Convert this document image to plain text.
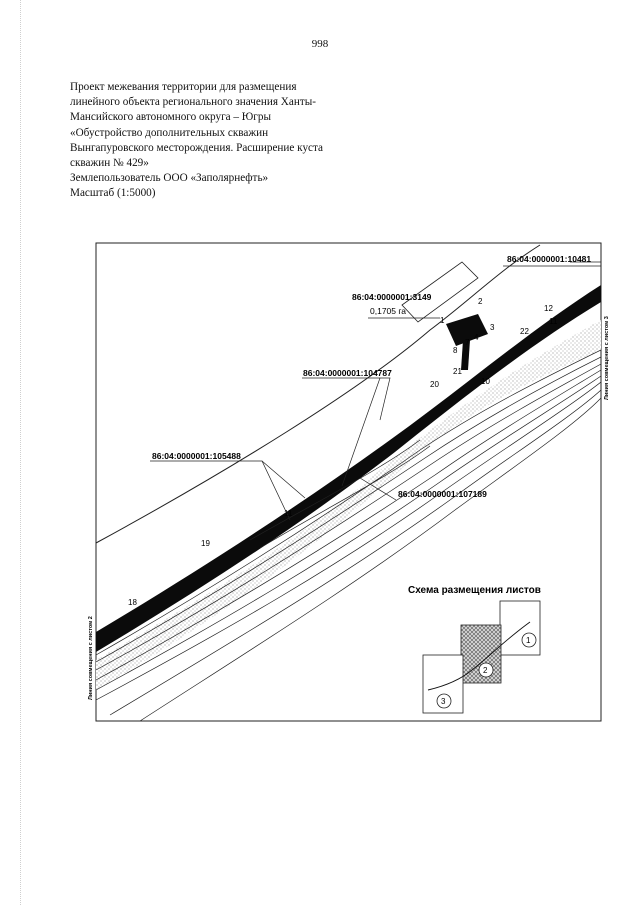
998
Проект межевания территории для размещения
линейного объекта регионального значения Ханты-
Мансийского автономного округа – Югры
«Обустройство дополнительных скважин
Вынгапуровского месторождения. Расширение куста
скважин № 429»
Землепользователь ООО «Заполярнефть»
Масштаб (1:5000)
86:04:0000001:10481
86:04:0000001:3149
0,1705 га
86:04:0000001:104787
86:04:0000001:105488
86:04:0000001:107189
1
2
3
4
7
8
10
11
12
11
18
19
20
21
22
Линия совмещения с листом 2
Линия совмещения с листом 3
Схема размещения листов
1
2
3
